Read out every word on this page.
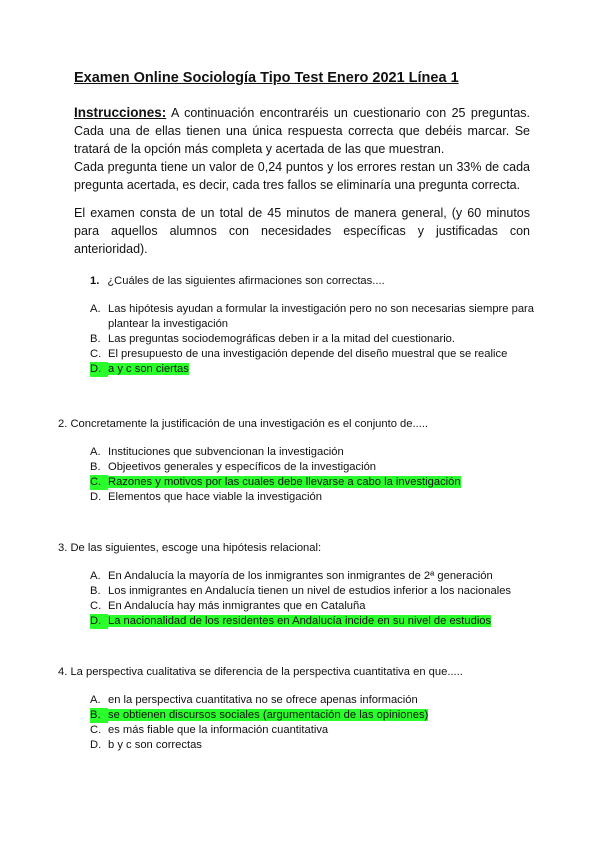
Examen Online Sociología Tipo Test Enero 2021 Línea 1

Instrucciones: A continuación encontraréis un cuestionario con 25 preguntas. Cada una de ellas tienen una única respuesta correcta que debéis marcar. Se tratará de la opción más completa y acertada de las que muestran.

Cada pregunta tiene un valor de 0,24 puntos y los errores restan un 33% de cada pregunta acertada, es decir, cada tres fallos se eliminaría una pregunta correcta.

El examen consta de un total de 45 minutos de manera general, (y 60 minutos para aquellos alumnos con necesidades específicas y justificadas con anterioridad).

1. ¿Cuáles de las siguientes afirmaciones son correctas....

A. Las hipótesis ayudan a formular la investigación pero no son necesarias siempre para plantear la investigación
B. Las preguntas sociodemográficas deben ir a la mitad del cuestionario.
C. El presupuesto de una investigación depende del diseño muestral que se realice
D. a y c son ciertas

2. Concretamente la justificación de una investigación es el conjunto de.....

A. Instituciones que subvencionan la investigación
B. Objeetivos generales y específicos de la investigación
C. Razones y motivos por las cuales debe llevarse a cabo la investigación
D. Elementos que hace viable la investigación

3. De las siguientes, escoge una hipótesis relacional:

A. En Andalucía la mayoría de los inmigrantes son inmigrantes de 2ª generación
B. Los inmigrantes en Andalucía tienen un nivel de estudios inferior a los nacionales
C. En Andalucía hay más inmigrantes que en Cataluña
D. La nacionalidad de los residentes en Andalucía incide en su nivel de estudios

4. La perspectiva cualitativa se diferencia de la perspectiva cuantitativa en que.....

A. en la perspectiva cuantitativa no se ofrece apenas información
B. se obtienen discursos sociales (argumentación de las opiniones)
C. es más fiable que la información cuantitativa
D. b y c son correctas
